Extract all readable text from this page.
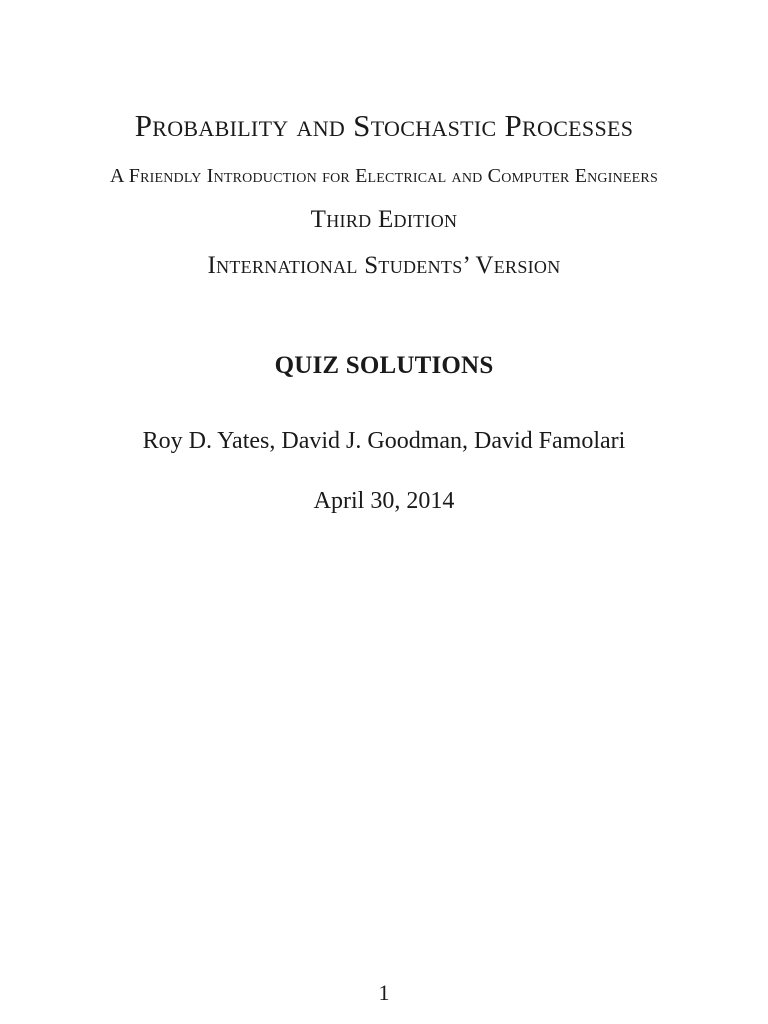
Probability and Stochastic Processes
A Friendly Introduction for Electrical and Computer Engineers
Third Edition
International Students’ Version
QUIZ SOLUTIONS
Roy D. Yates, David J. Goodman, David Famolari
April 30, 2014
1
